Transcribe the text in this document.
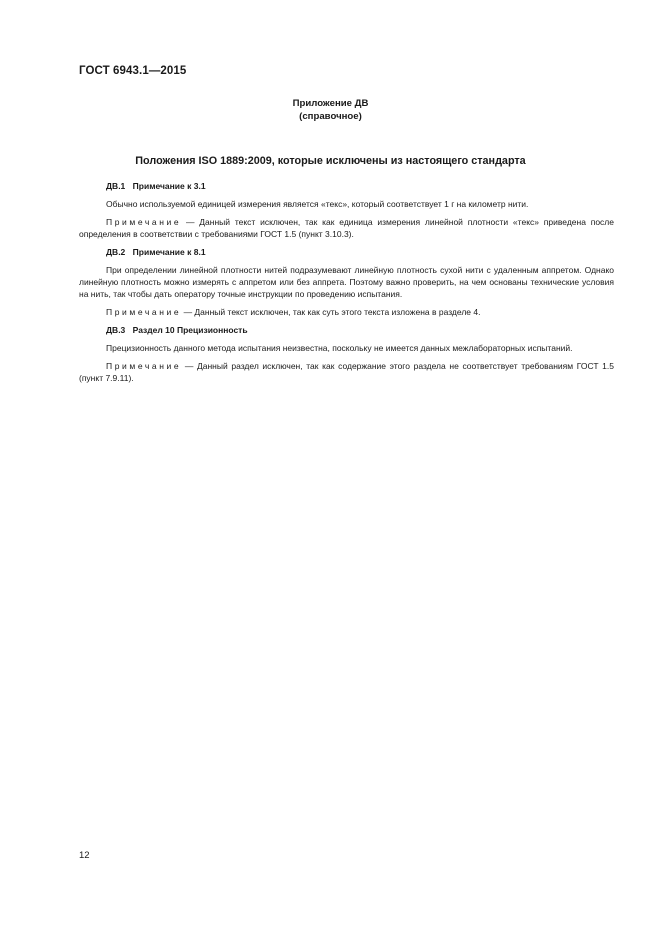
ГОСТ 6943.1—2015
Приложение ДВ
(справочное)
Положения ISO 1889:2009, которые исключены из настоящего стандарта
ДВ.1 Примечание к 3.1

Обычно используемой единицей измерения является «текс», который соответствует 1 г на километр нити.

Примечание — Данный текст исключен, так как единица измерения линейной плотности «текс» приведена после определения в соответствии с требованиями ГОСТ 1.5 (пункт 3.10.3).

ДВ.2 Примечание к 8.1

При определении линейной плотности нитей подразумевают линейную плотность сухой нити с удаленным аппретом. Однако линейную плотность можно измерять с аппретом или без аппрета. Поэтому важно проверить, на чем основаны технические условия на нить, так чтобы дать оператору точные инструкции по проведению испытания.

Примечание — Данный текст исключен, так как суть этого текста изложена в разделе 4.

ДВ.3 Раздел 10 Прецизионность

Прецизионность данного метода испытания неизвестна, поскольку не имеется данных межлабораторных испытаний.

Примечание — Данный раздел исключен, так как содержание этого раздела не соответствует требованиям ГОСТ 1.5 (пункт 7.9.11).

12
